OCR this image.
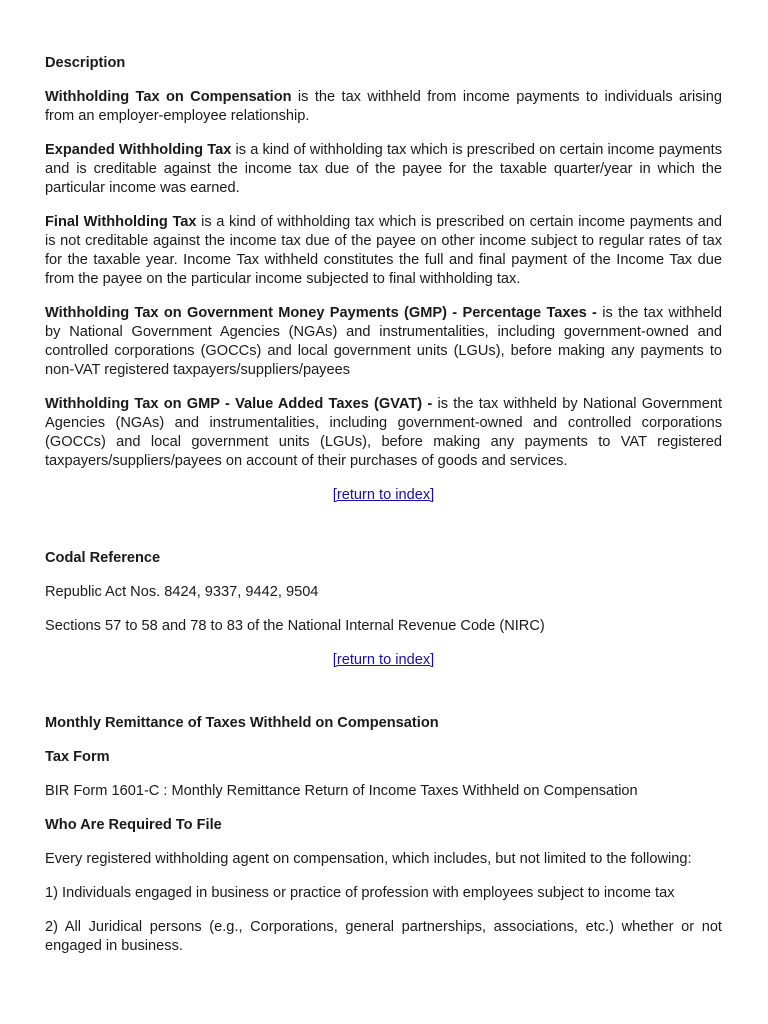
Description

Withholding Tax on Compensation is the tax withheld from income payments to individuals arising from an employer-employee relationship.

Expanded Withholding Tax is a kind of withholding tax which is prescribed on certain income payments and is creditable against the income tax due of the payee for the taxable quarter/year in which the particular income was earned.

Final Withholding Tax is a kind of withholding tax which is prescribed on certain income payments and is not creditable against the income tax due of the payee on other income subject to regular rates of tax for the taxable year. Income Tax withheld constitutes the full and final payment of the Income Tax due from the payee on the particular income subjected to final withholding tax.

Withholding Tax on Government Money Payments (GMP) - Percentage Taxes - is the tax withheld by National Government Agencies (NGAs) and instrumentalities, including government-owned and controlled corporations (GOCCs) and local government units (LGUs), before making any payments to non-VAT registered taxpayers/suppliers/payees

Withholding Tax on GMP - Value Added Taxes (GVAT) - is the tax withheld by National Government Agencies (NGAs) and instrumentalities, including government-owned and controlled corporations (GOCCs) and local government units (LGUs), before making any payments to VAT registered taxpayers/suppliers/payees on account of their purchases of goods and services.

[return to index]

Codal Reference

Republic Act Nos. 8424, 9337, 9442, 9504

Sections 57 to 58 and 78 to 83 of the National Internal Revenue Code (NIRC)

[return to index]

Monthly Remittance of Taxes Withheld on Compensation

Tax Form

BIR Form 1601-C : Monthly Remittance Return of Income Taxes Withheld on Compensation

Who Are Required To File

Every registered withholding agent on compensation, which includes, but not limited to the following:

1) Individuals engaged in business or practice of profession with employees subject to income tax

2) All Juridical persons (e.g., Corporations, general partnerships, associations, etc.) whether or not engaged in business.
